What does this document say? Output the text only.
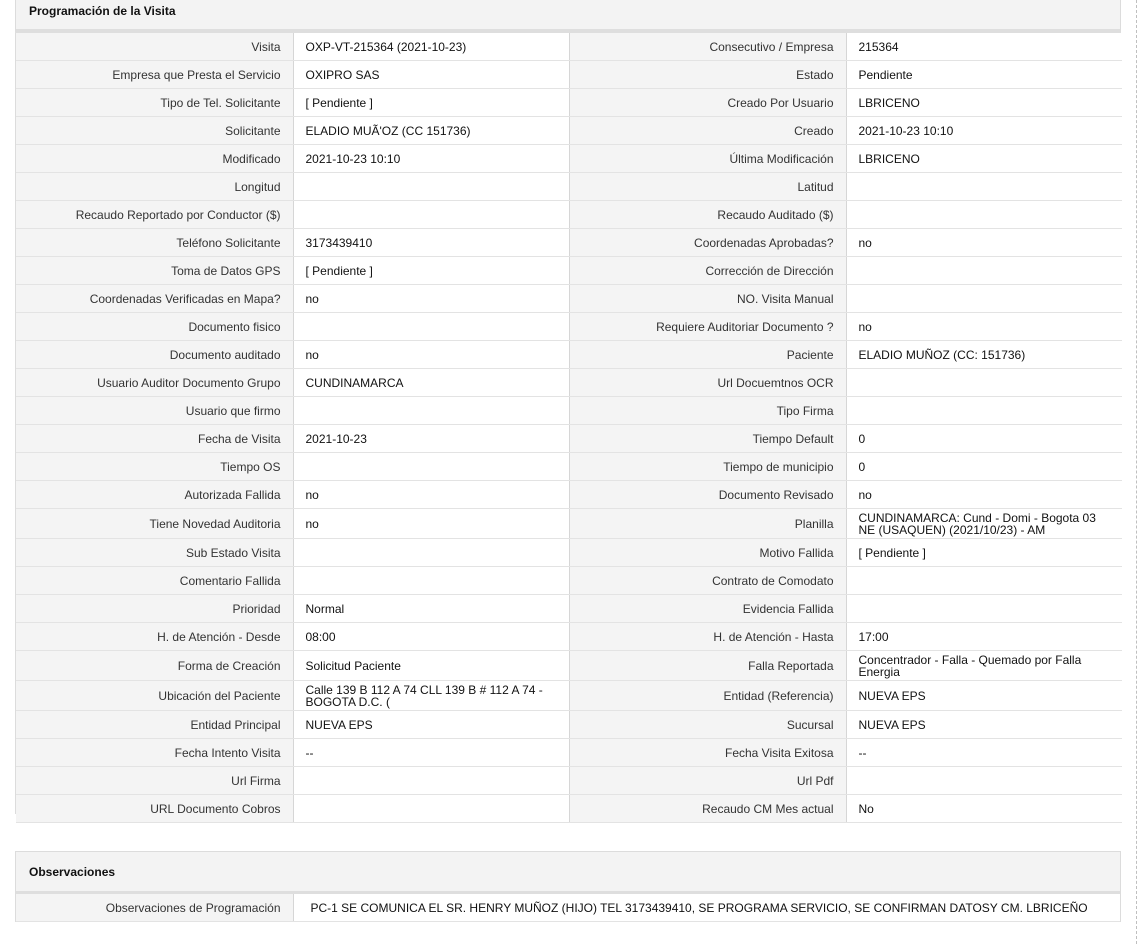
Programación de la Visita
Visita	OXP-VT-215364 (2021-10-23)	Consecutivo / Empresa	215364

Empresa que Presta el Servicio	OXIPRO SAS	Estado	Pendiente

Tipo de Tel. Solicitante	[ Pendiente ]	Creado Por Usuario	LBRICENO

Solicitante	ELADIO MUÃ'OZ (CC 151736)	Creado	2021-10-23 10:10

Modificado	2021-10-23 10:10	Última Modificación	LBRICENO

Longitud		Latitud	

Recaudo Reportado por Conductor ($)		Recaudo Auditado ($)	

Teléfono Solicitante	3173439410	Coordenadas Aprobadas?	no

Toma de Datos GPS	[ Pendiente ]	Corrección de Dirección	

Coordenadas Verificadas en Mapa?	no	NO. Visita Manual	

Documento fisico		Requiere Auditoriar Documento ?	no

Documento auditado	no	Paciente	ELADIO MUÑOZ (CC: 151736)

Usuario Auditor Documento Grupo	CUNDINAMARCA	Url Docuemtnos OCR	

Usuario que firmo		Tipo Firma	

Fecha de Visita	2021-10-23	Tiempo Default	0

Tiempo OS		Tiempo de municipio	0

Autorizada Fallida	no	Documento Revisado	no

Tiene Novedad Auditoria	no	Planilla	CUNDINAMARCA: Cund - Domi - Bogota 03 NE (USAQUEN) (2021/10/23) - AM

Sub Estado Visita		Motivo Fallida	[ Pendiente ]

Comentario Fallida		Contrato de Comodato	

Prioridad	Normal	Evidencia Fallida	

H. de Atención - Desde	08:00	H. de Atención - Hasta	17:00

Forma de Creación	Solicitud Paciente	Falla Reportada	Concentrador - Falla - Quemado por Falla Energia

Ubicación del Paciente	Calle 139 B 112 A 74 CLL 139 B # 112 A 74 - BOGOTA D.C. (	Entidad (Referencia)	NUEVA EPS

Entidad Principal	NUEVA EPS	Sucursal	NUEVA EPS

Fecha Intento Visita	--	Fecha Visita Exitosa	--

Url Firma		Url Pdf	

URL Documento Cobros		Recaudo CM Mes actual	No
Observaciones
Observaciones de Programación	PC-1 SE COMUNICA EL SR. HENRY MUÑOZ (HIJO) TEL 3173439410, SE PROGRAMA SERVICIO, SE CONFIRMAN DATOSY CM. LBRICEÑO
